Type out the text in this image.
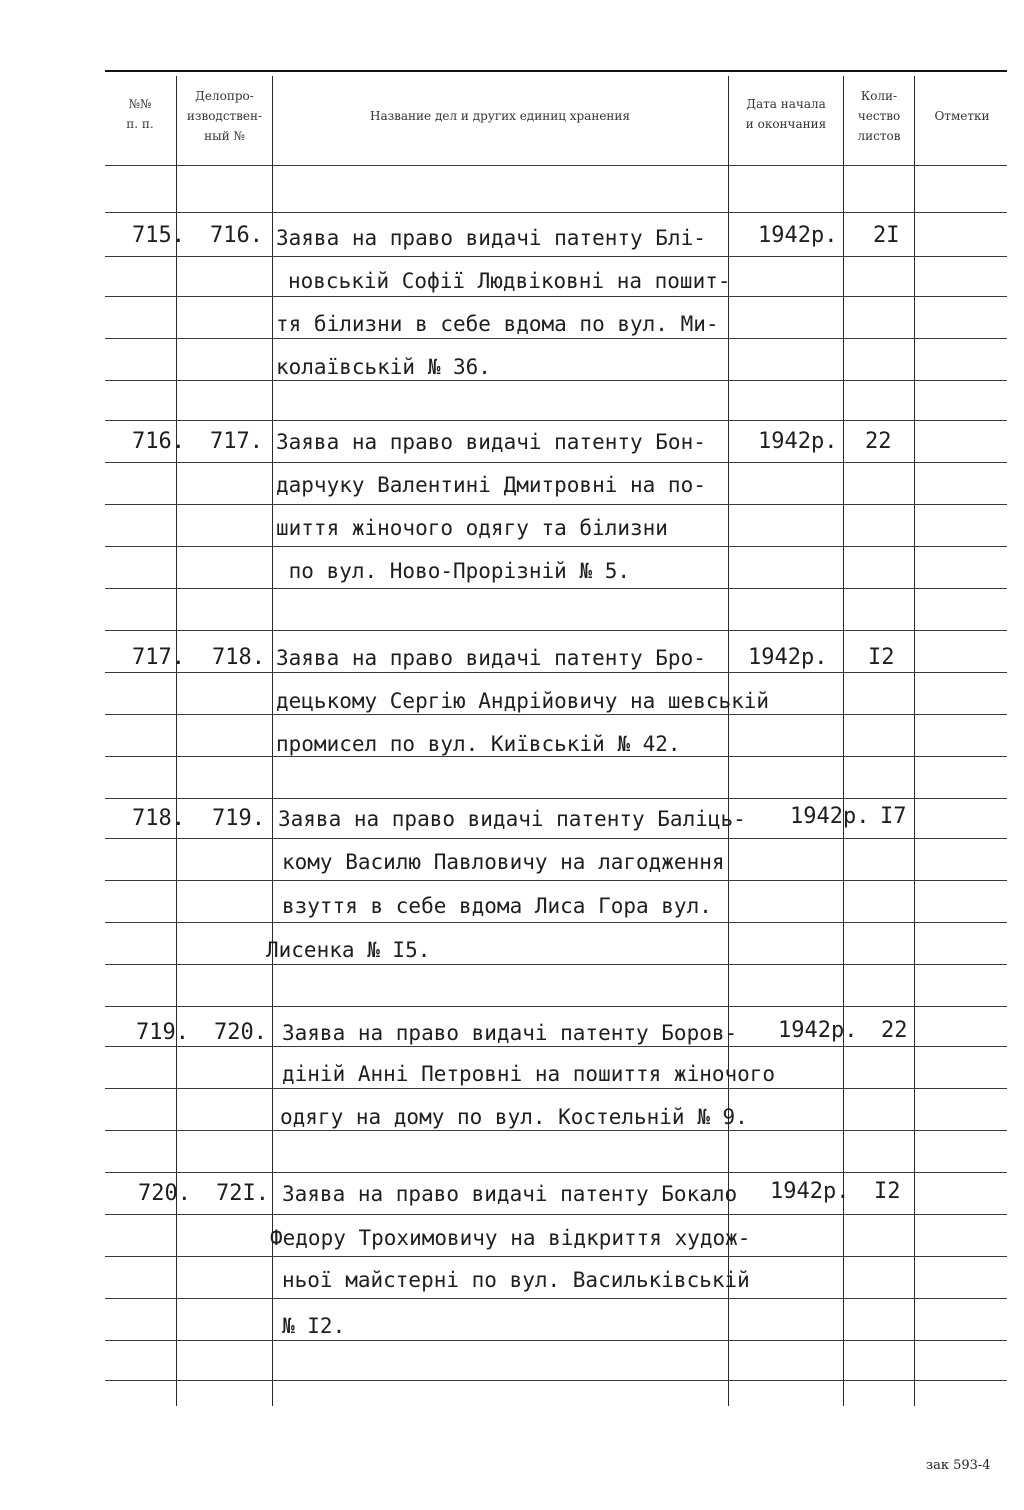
№№
п. п.
Делопро-
изводствен-
ный №
Название дел и других единиц хранения
Дата начала
и окончания
Коли-
чество
листов
Отметки
715. 716. Заява на право видачі патенту Блі-
новській Софії Людвіковні на пошит-
тя білизни в себе вдома по вул. Ми-
колаївській № 36.
1942р. 2I
716. 717. Заява на право видачі патенту Бон-
дарчуку Валентині Дмитровні на по-
шиття жіночого одягу та білизни
по вул. Ново-Прорізній № 5.
1942р. 22
717. 718. Заява на право видачі патенту Бро-
децькому Сергію Андрійовичу на шевській
промисел по вул. Київській № 42.
1942р. I2
718. 719. Заява на право видачі патенту Баліць-
кому Василю Павловичу на лагодження
взуття в себе вдома Лиса Гора вул.
Лисенка № I5.
1942р. I7
719. 720. Заява на право видачі патенту Боров-
дiнiй Анні Петровні на пошиття жіночого
одягу на дому по вул. Костельній № 9.
1942р. 22
720. 72I. Заява на право видачі патенту Бокало
Федору Трохимовичу на відкриття худож-
ньої майстерні по вул. Васильківській
№ I2.
1942р. I2
зак 593-4
